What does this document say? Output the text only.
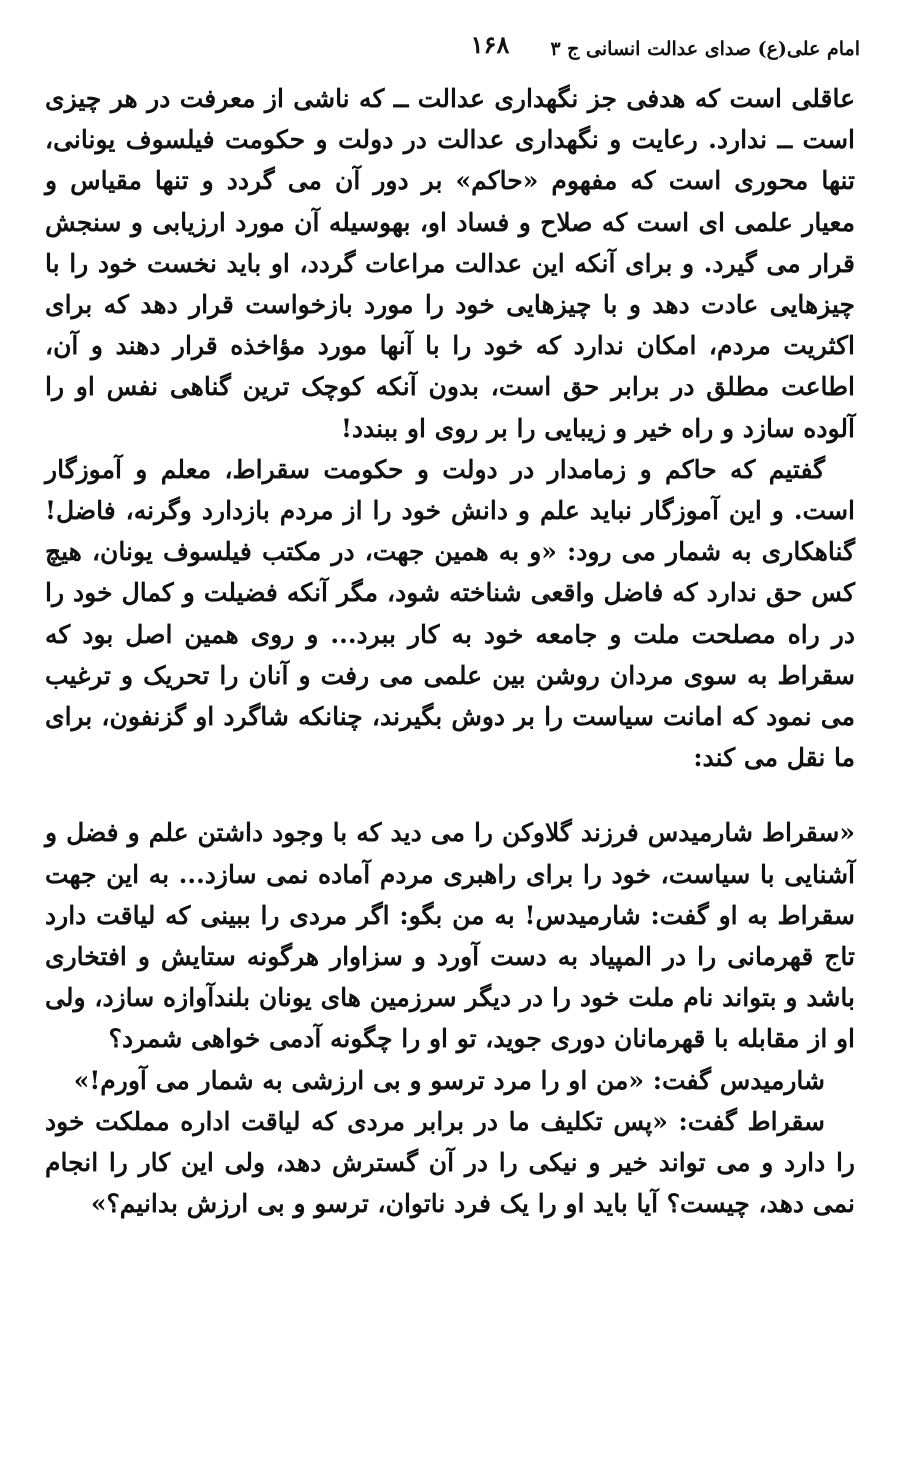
امام علی(ع) صدای عدالت انسانی ج ۳
۱۶۸

عاقلی است که هدفی جز نگهداری عدالت ــ که ناشی از معرفت در هر چیزی است ــ ندارد. رعایت و نگهداری عدالت در دولت و حکومت فیلسوف یونانی، تنها محوری است که مفهوم «حاکم» بر دور آن می گردد و تنها مقیاس و معیار علمی ای است که صلاح و فساد او، بهوسیله آن مورد ارزیابی و سنجش قرار می گیرد. و برای آنکه این عدالت مراعات گردد، او باید نخست خود را با چیزهایی عادت دهد و با چیزهایی خود را مورد بازخواست قرار دهد که برای اکثریت مردم، امکان ندارد که خود را با آنها مورد مؤاخذه قرار دهند و آن، اطاعت مطلق در برابر حق است، بدون آنکه کوچک ترین گناهی نفس او را آلوده سازد و راه خیر و زیبایی را بر روی او ببندد!

گفتیم که حاکم و زمامدار در دولت و حکومت سقراط، معلم و آموزگار است. و این آموزگار نباید علم و دانش خود را از مردم بازدارد وگرنه، فاضل! گناهکاری به شمار می رود: «و به همین جهت، در مکتب فیلسوف یونان، هیچ کس حق ندارد که فاضل واقعی شناخته شود، مگر آنکه فضیلت و کمال خود را در راه مصلحت ملت و جامعه خود به کار ببرد... و روی همین اصل بود که سقراط به سوی مردان روشن بین علمی می رفت و آنان را تحریک و ترغیب می نمود که امانت سیاست را بر دوش بگیرند، چنانکه شاگرد او گزنفون، برای ما نقل می کند:

«سقراط شارمیدس فرزند گلاوکن را می دید که با وجود داشتن علم و فضل و آشنایی با سیاست، خود را برای راهبری مردم آماده نمی سازد... به این جهت سقراط به او گفت: شارمیدس! به من بگو: اگر مردی را ببینی که لیاقت دارد تاج قهرمانی را در المپیاد به دست آورد و سزاوار هرگونه ستایش و افتخاری باشد و بتواند نام ملت خود را در دیگر سرزمین های یونان بلندآوازه سازد، ولی او از مقابله با قهرمانان دوری جوید، تو او را چگونه آدمی خواهی شمرد؟

شارمیدس گفت: «من او را مرد ترسو و بی ارزشی به شمار می آورم!»

سقراط گفت: «پس تکلیف ما در برابر مردی که لیاقت اداره مملکت خود را دارد و می تواند خیر و نیکی را در آن گسترش دهد، ولی این کار را انجام نمی دهد، چیست؟ آیا باید او را یک فرد ناتوان، ترسو و بی ارزش بدانیم؟»
